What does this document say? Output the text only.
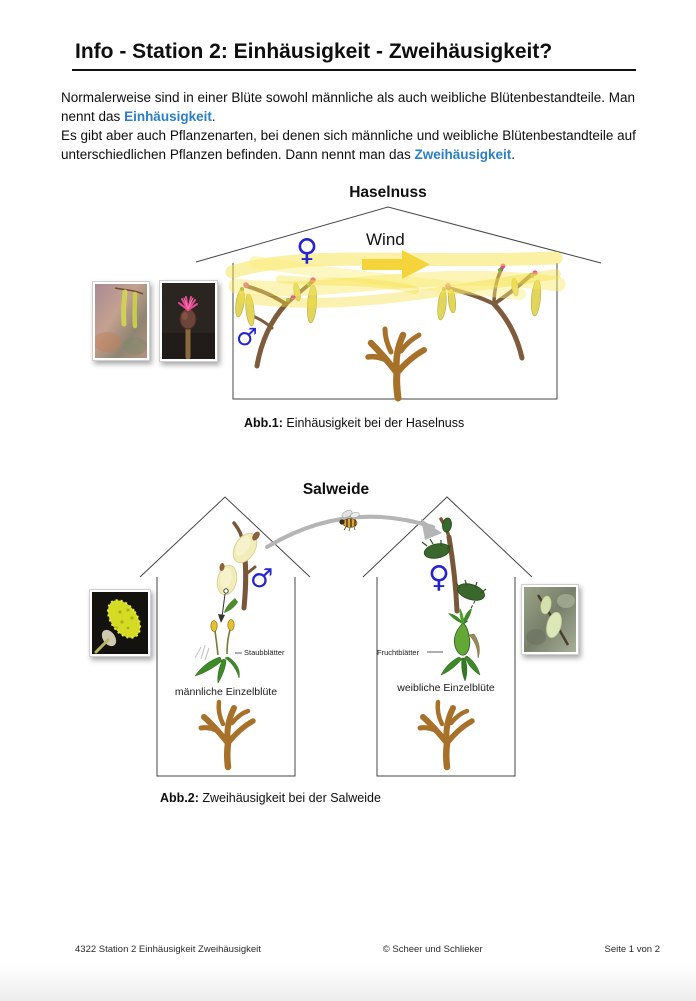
Info - Station 2: Einhäusigkeit - Zweihäusigkeit?

Normalerweise sind in einer Blüte sowohl männliche als auch weibliche Blütenbestandteile. Man nennt das Einhäusigkeit.

Es gibt aber auch Pflanzenarten, bei denen sich männliche und weibliche Blütenbestandteile auf unterschiedlichen Pflanzen befinden. Dann nennt man das Zweihäusigkeit.

Haselnuss
Wind
♀
♂
Abb.1: Einhäusigkeit bei der Haselnuss
Salweide
♂	♀
Staubblätter	Fruchtblätter
männliche Einzelblüte	weibliche Einzelblüte
Abb.2: Zweihäusigkeit bei der Salweide
4322 Station 2 Einhäusigkeit Zweihäusigkeit	© Scheer und Schlieker	Seite 1 von 2
